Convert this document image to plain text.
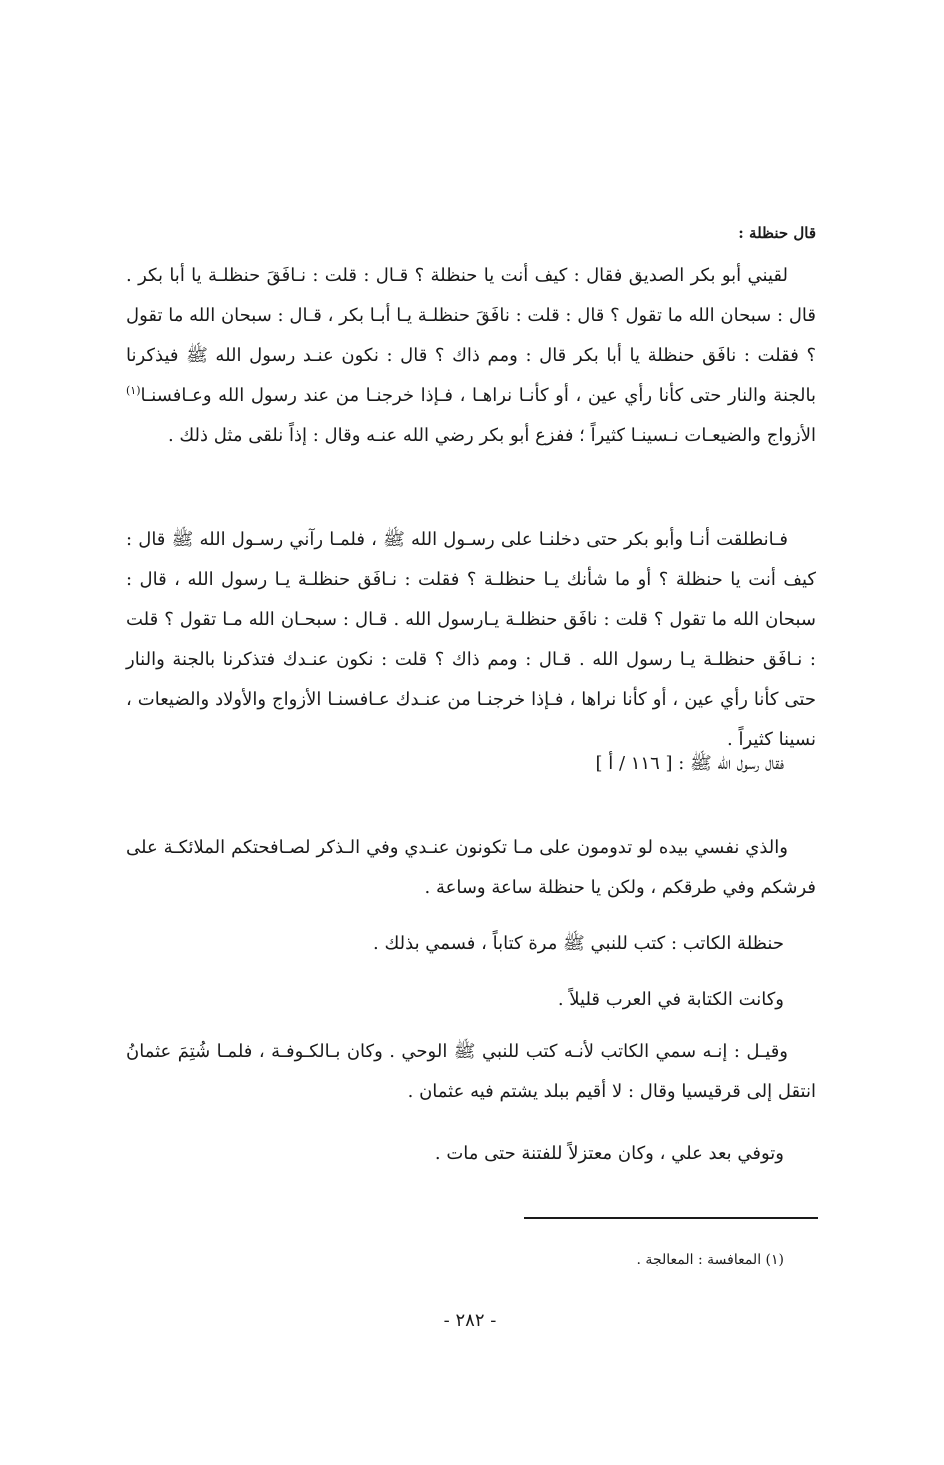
قال حنظلة :

لقيني أبو بكر الصديق فقال : كيف أنت يا حنظلة ؟ قـال : قلت : نـافَقَ حنظلـة يا أبا بكر . قال : سبحان الله ما تقول ؟ قال : قلت : نافَقَ حنظلـة يـا أبـا بكر ، قـال : سبحان الله ما تقول ؟ فقلت : نافَق حنظلة يا أبا بكر قال : ومم ذاك ؟ قال : نكون عنـد رسول الله ﷺ فيذكرنا بالجنة والنار حتى كأنا رأي عين ، أو كأنـا نراهـا ، فـإذا خرجنـا من عند رسول الله وعـافسنـا$^{(١)}$ الأزواج والضيعـات نـسينـا كثيراً ؛ ففزع أبو بكر رضي الله عنـه وقال : إذاً نلقى مثل ذلك .

فـانطلقت أنـا وأبو بكر حتى دخلنـا على رسـول الله ﷺ ، فلمـا رآني رسـول الله ﷺ قال : كيف أنت يا حنظلة ؟ أو ما شأنك يـا حنظلـة ؟ فقلت : نـافَق حنظلـة يـا رسول الله ، قال : سبحان الله ما تقول ؟ قلت : نافَق حنظلـة يـارسول الله . قـال : سبحـان الله مـا تقول ؟ قلت : نـافَق حنظلـة يـا رسول الله . قـال : ومم ذاك ؟ قلت : نكون عنـدك فتذكرنا بالجنة والنار حتى كأنا رأي عين ، أو كأنا نراها ، فـإذا خرجنـا من عنـدك عـافسنـا الأزواج والأولاد والضيعات ، نسينا كثيراً .

فقال رسول الله ﷺ : [ ١١٦ / أ ]

والذي نفسي بيده لو تدومون على مـا تكونون عنـدي وفي الـذكر لصـافحتكم الملائكـة على فرشكم وفي طرقكم ، ولكن يا حنظلة ساعة وساعة .

حنظلة الكاتب : كتب للنبي ﷺ مرة كتاباً ، فسمي بذلك .

وكانت الكتابة في العرب قليلاً .

وقيـل : إنـه سمي الكاتب لأنـه كتب للنبي ﷺ الوحي . وكان بـالكـوفـة ، فلمـا شُتِمَ عثمانُ انتقل إلى قرقيسيا وقال : لا أقيم ببلد يشتم فيه عثمان .

وتوفي بعد علي ، وكان معتزلاً للفتنة حتى مات .

(١) المعافسة : المعالجة .
- ٢٨٢ -
